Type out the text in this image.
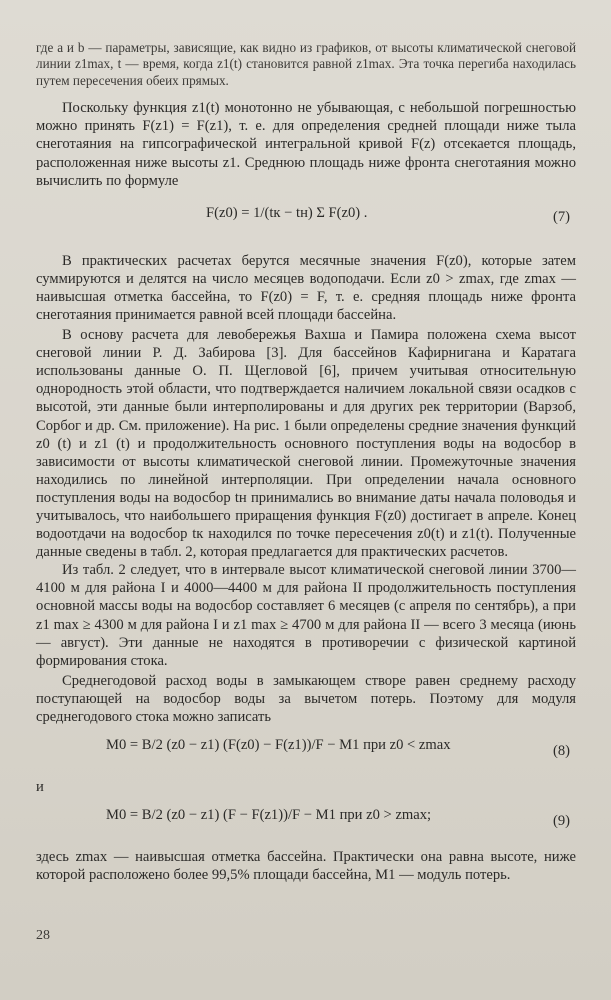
где a и b — параметры, зависящие, как видно из графиков, от высоты климатической снеговой линии z1max, t — время, когда z1(t) становится равной z1max. Эта точка перегиба находилась путем пересечения обеих прямых.

Поскольку функция z1(t) монотонно не убывающая, с небольшой погрешностью можно принять F(z1) = F(z1), т. е. для определения средней площади ниже тыла снеготаяния на гипсографической интегральной кривой F(z) отсекается площадь, расположенная ниже высоты z1. Среднюю площадь ниже фронта снеготаяния можно вычислить по формуле

F(z0) = 1/(tк − tн) Σ F(z0) .	(7)

В практических расчетах берутся месячные значения F(z0), которые затем суммируются и делятся на число месяцев водоподачи. Если z0 > zmax, где zmax — наивысшая отметка бассейна, то F(z0) = F, т. е. средняя площадь ниже фронта снеготаяния принимается равной всей площади бассейна.

В основу расчета для левобережья Вахша и Памира положена схема высот снеговой линии Р. Д. Забирова [3]. Для бассейнов Кафирнигана и Каратага использованы данные О. П. Щегловой [6], причем учитывая относительную однородность этой области, что подтверждается наличием локальной связи осадков с высотой, эти данные были интерполированы и для других рек территории (Варзоб, Сорбог и др. См. приложение). На рис. 1 были определены средние значения функций z0 (t) и z1 (t) и продолжительность основного поступления воды на водосбор в зависимости от высоты климатической снеговой линии. Промежуточные значения находились по линейной интерполяции. При определении начала основного поступления воды на водосбор tн принимались во внимание даты начала половодья и учитывалось, что наибольшего приращения функция F(z0) достигает в апреле. Конец водоотдачи на водосбор tк находился по точке пересечения z0(t) и z1(t). Полученные данные сведены в табл. 2, которая предлагается для практических расчетов.

Из табл. 2 следует, что в интервале высот климатической снеговой линии 3700—4100 м для района I и 4000—4400 м для района II продолжительность поступления основной массы воды на водосбор составляет 6 месяцев (с апреля по сентябрь), а при z1 max ≥ 4300 м для района I и z1 max ≥ 4700 м для района II — всего 3 месяца (июнь — август). Эти данные не находятся в противоречии с физической картиной формирования стока.

Среднегодовой расход воды в замыкающем створе равен среднему расходу поступающей на водосбор воды за вычетом потерь. Поэтому для модуля среднегодового стока можно записать

M0 = B/2 (z0 − z1) (F(z0) − F(z1))/F − M1 при z0 < zmax	(8)

и

M0 = B/2 (z0 − z1) (F − F(z1))/F − M1 при z0 > zmax;	(9)

здесь zmax — наивысшая отметка бассейна. Практически она равна высоте, ниже которой расположено более 99,5% площади бассейна, M1 — модуль потерь.

28
